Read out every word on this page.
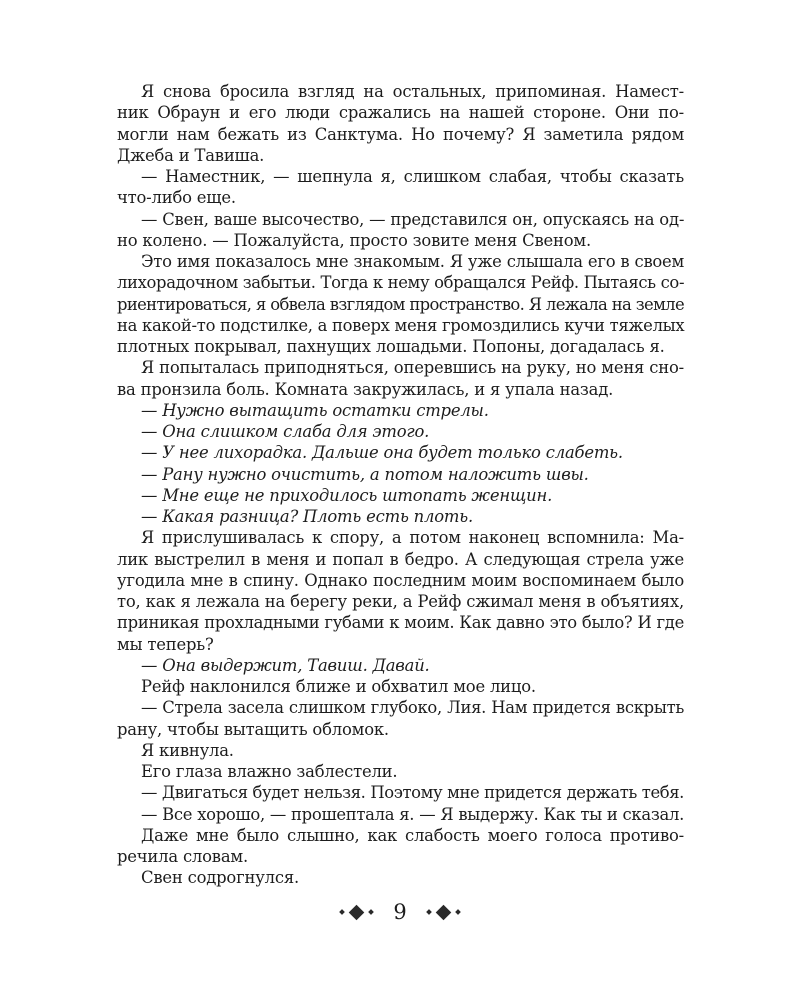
Я снова бросила взгляд на остальных, припоминая. Намест-
ник Обраун и его люди сражались на нашей стороне. Они по-
могли нам бежать из Санктума. Но почему? Я заметила рядом
Джеба и Тавиша.
— Наместник, — шепнула я, слишком слабая, чтобы сказать
что-либо еще.
— Свен, ваше высочество, — представился он, опускаясь на од-
но колено. — Пожалуйста, просто зовите меня Свеном.
Это имя показалось мне знакомым. Я уже слышала его в своем
лихорадочном забытьи. Тогда к нему обращался Рейф. Пытаясь со-
риентироваться, я обвела взглядом пространство. Я лежала на земле
на какой-то подстилке, а поверх меня громоздились кучи тяжелых
плотных покрывал, пахнущих лошадьми. Попоны, догадалась я.
Я попыталась приподняться, оперевшись на руку, но меня сно-
ва пронзила боль. Комната закружилась, и я упала назад.
— Нужно вытащить остатки стрелы.
— Она слишком слаба для этого.
— У нее лихорадка. Дальше она будет только слабеть.
— Рану нужно очистить, а потом наложить швы.
— Мне еще не приходилось штопать женщин.
— Какая разница? Плоть есть плоть.
Я прислушивалась к спору, а потом наконец вспомнила: Ма-
лик выстрелил в меня и попал в бедро. А следующая стрела уже
угодила мне в спину. Однако последним моим воспоминаем было
то, как я лежала на берегу реки, а Рейф сжимал меня в объятиях,
приникая прохладными губами к моим. Как давно это было? И где
мы теперь?
— Она выдержит, Тавиш. Давай.
Рейф наклонился ближе и обхватил мое лицо.
— Стрела засела слишком глубоко, Лия. Нам придется вскрыть
рану, чтобы вытащить обломок.
Я кивнула.
Его глаза влажно заблестели.
— Двигаться будет нельзя. Поэтому мне придется держать тебя.
— Все хорошо, — прошептала я. — Я выдержу. Как ты и сказал.
Даже мне было слышно, как слабость моего голоса противо-
речила словам.
Свен содрогнулся.
9
